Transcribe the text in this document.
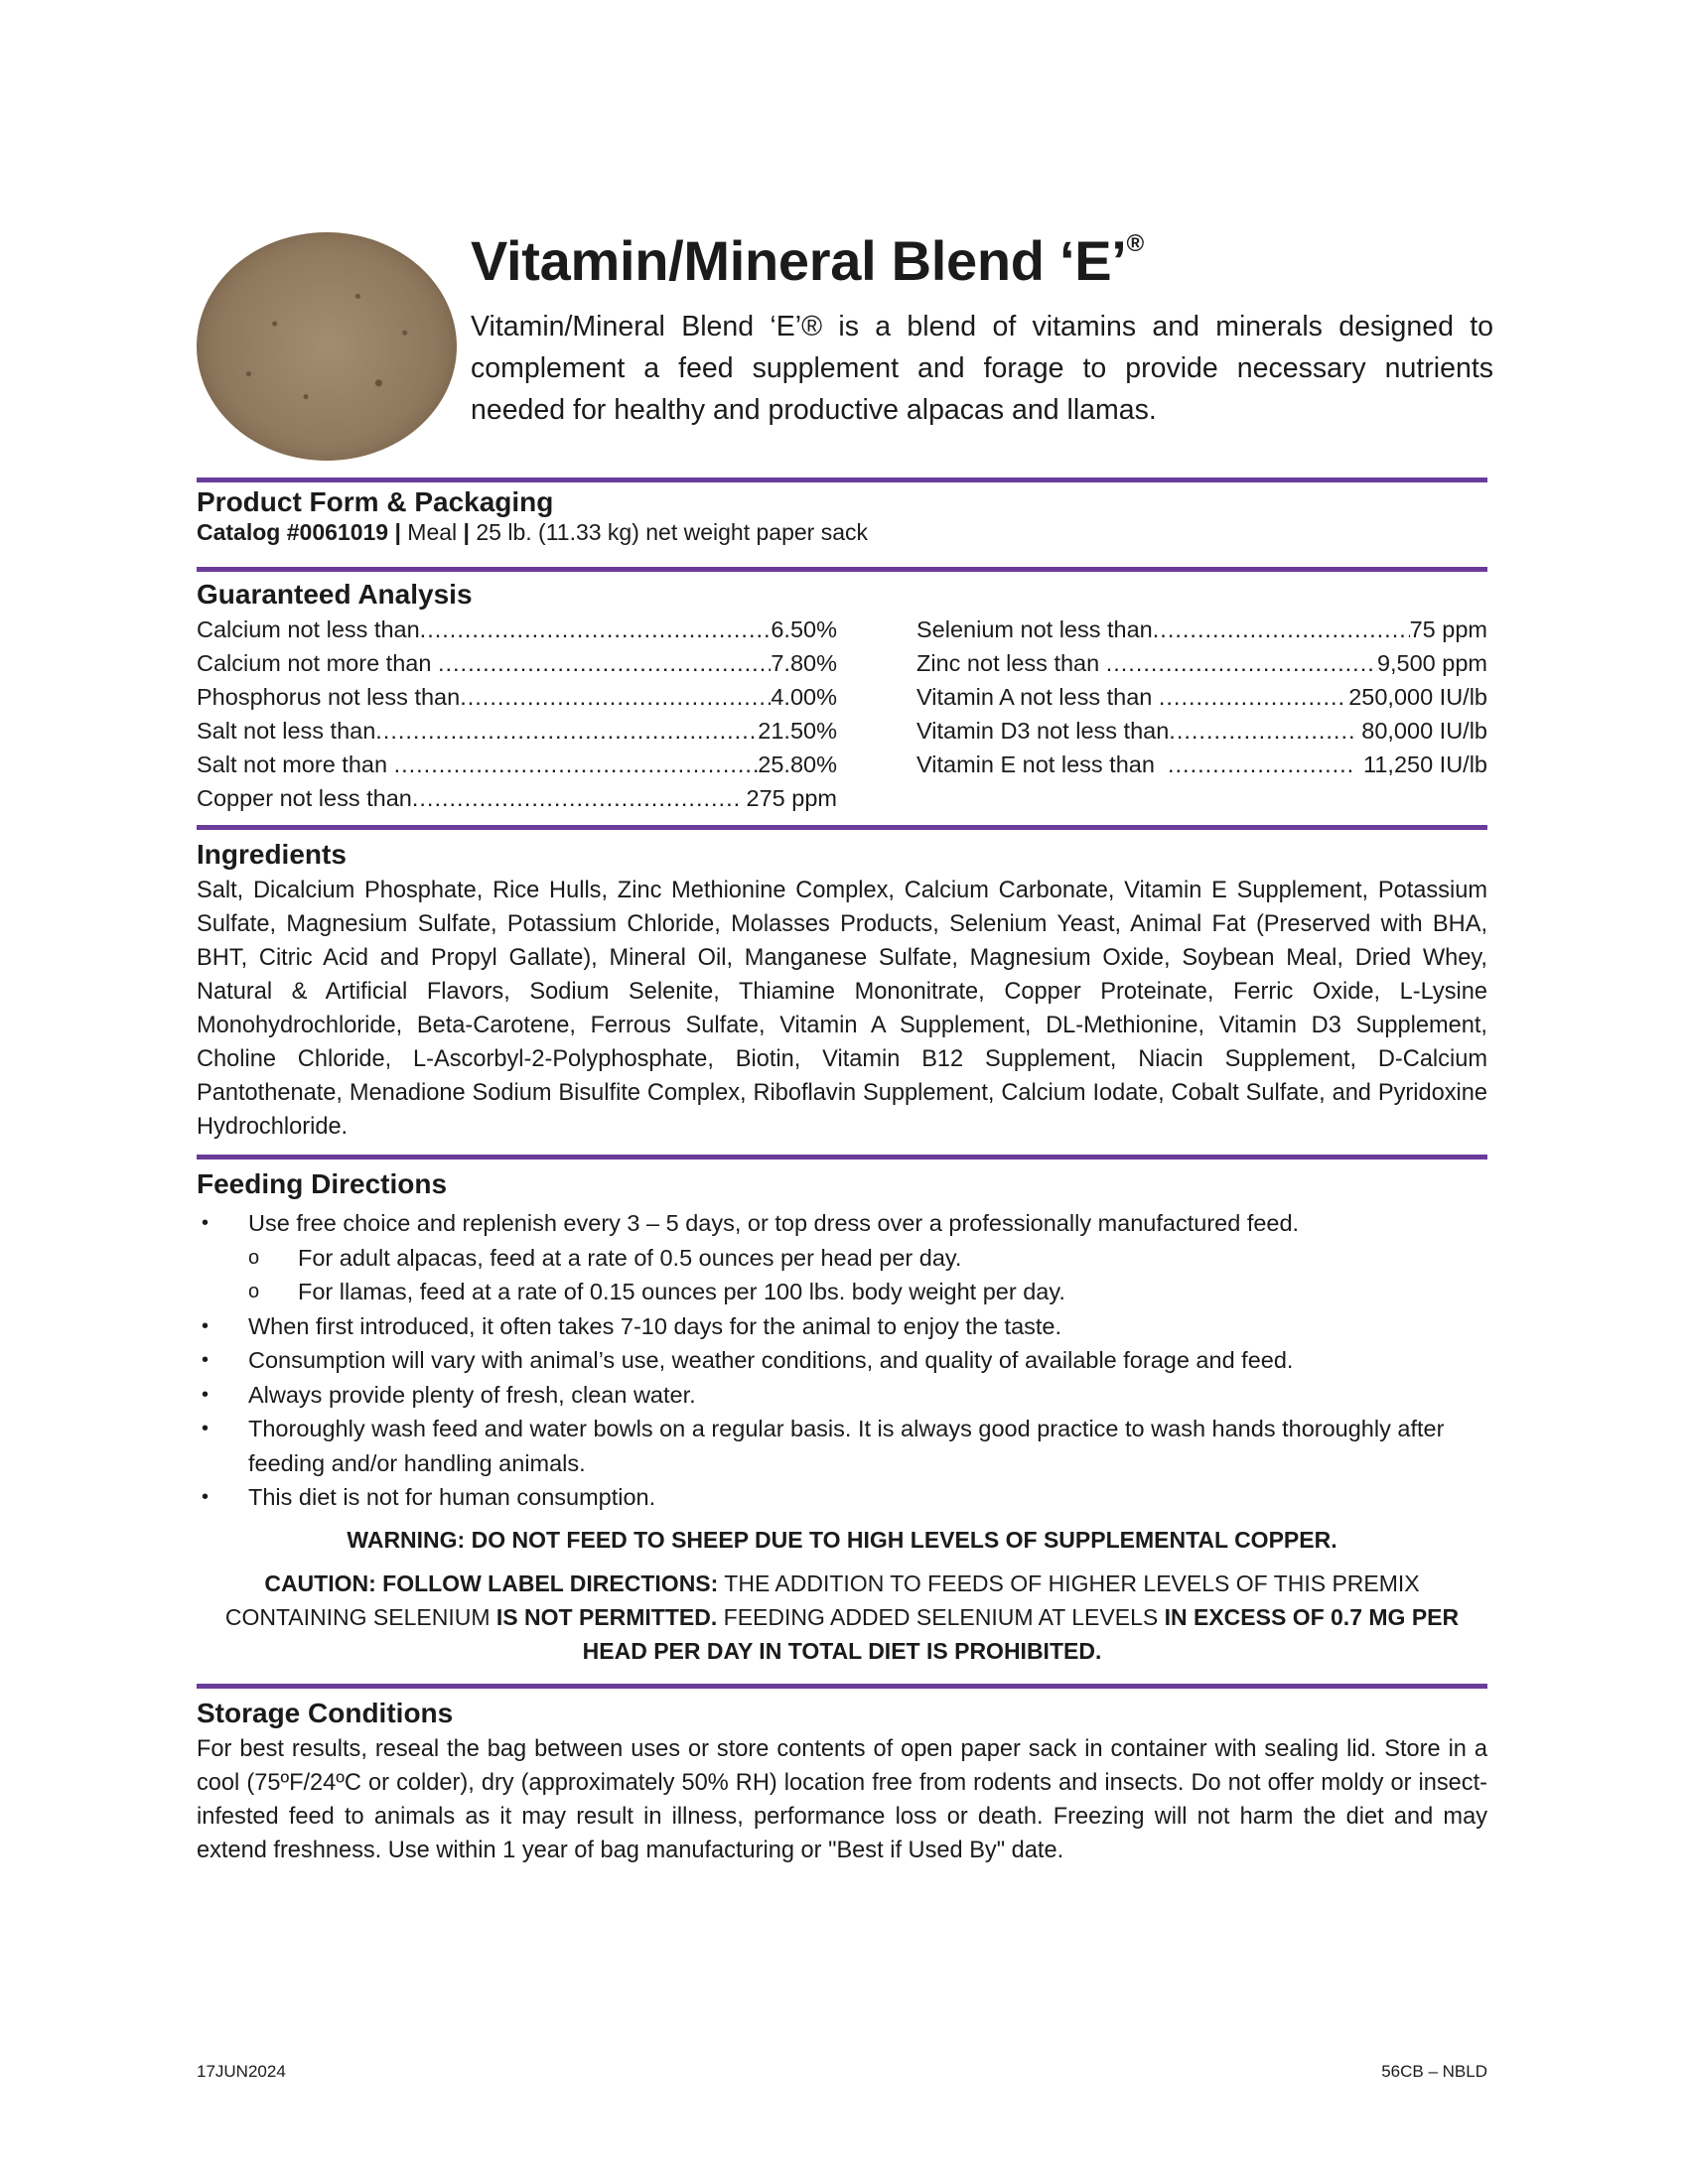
Vitamin/Mineral Blend ‘E’®

Vitamin/Mineral Blend ‘E’® is a blend of vitamins and minerals designed to complement a feed supplement and forage to provide necessary nutrients needed for healthy and productive alpacas and llamas.

Product Form & Packaging
Catalog #0061019 | Meal | 25 lb. (11.33 kg) net weight paper sack
Guaranteed Analysis
Calcium not less than .....	6.50%
Calcium not more than .....	7.80%
Phosphorus not less than .....	4.00%
Salt not less than .....	21.50%
Salt not more than .....	25.80%
Copper not less than .....	275 ppm
Selenium not less than .....	75 ppm
Zinc not less than .....	9,500 ppm
Vitamin A not less than .....	250,000 IU/lb
Vitamin D3 not less than .....	80,000 IU/lb
Vitamin E not less than .....	11,250 IU/lb
Ingredients

Salt, Dicalcium Phosphate, Rice Hulls, Zinc Methionine Complex, Calcium Carbonate, Vitamin E Supplement, Potassium Sulfate, Magnesium Sulfate, Potassium Chloride, Molasses Products, Selenium Yeast, Animal Fat (Preserved with BHA, BHT, Citric Acid and Propyl Gallate), Mineral Oil, Manganese Sulfate, Magnesium Oxide, Soybean Meal, Dried Whey, Natural & Artificial Flavors, Sodium Selenite, Thiamine Mononitrate, Copper Proteinate, Ferric Oxide, L-Lysine Monohydrochloride, Beta-Carotene, Ferrous Sulfate, Vitamin A Supplement, DL-Methionine, Vitamin D3 Supplement, Choline Chloride, L-Ascorbyl-2-Polyphosphate, Biotin, Vitamin B12 Supplement, Niacin Supplement, D-Calcium Pantothenate, Menadione Sodium Bisulfite Complex, Riboflavin Supplement, Calcium Iodate, Cobalt Sulfate, and Pyridoxine Hydrochloride.

Feeding Directions
• Use free choice and replenish every 3 – 5 days, or top dress over a professionally manufactured feed.
o For adult alpacas, feed at a rate of 0.5 ounces per head per day.
o For llamas, feed at a rate of 0.15 ounces per 100 lbs. body weight per day.
• When first introduced, it often takes 7-10 days for the animal to enjoy the taste.
• Consumption will vary with animal’s use, weather conditions, and quality of available forage and feed.
• Always provide plenty of fresh, clean water.
• Thoroughly wash feed and water bowls on a regular basis. It is always good practice to wash hands thoroughly after feeding and/or handling animals.
• This diet is not for human consumption.
WARNING: DO NOT FEED TO SHEEP DUE TO HIGH LEVELS OF SUPPLEMENTAL COPPER.
CAUTION: FOLLOW LABEL DIRECTIONS: THE ADDITION TO FEEDS OF HIGHER LEVELS OF THIS PREMIX CONTAINING SELENIUM IS NOT PERMITTED. FEEDING ADDED SELENIUM AT LEVELS IN EXCESS OF 0.7 MG PER HEAD PER DAY IN TOTAL DIET IS PROHIBITED.
Storage Conditions

For best results, reseal the bag between uses or store contents of open paper sack in container with sealing lid. Store in a cool (75ºF/24ºC or colder), dry (approximately 50% RH) location free from rodents and insects. Do not offer moldy or insect-infested feed to animals as it may result in illness, performance loss or death. Freezing will not harm the diet and may extend freshness. Use within 1 year of bag manufacturing or "Best if Used By" date.

17JUN2024	56CB – NBLD
